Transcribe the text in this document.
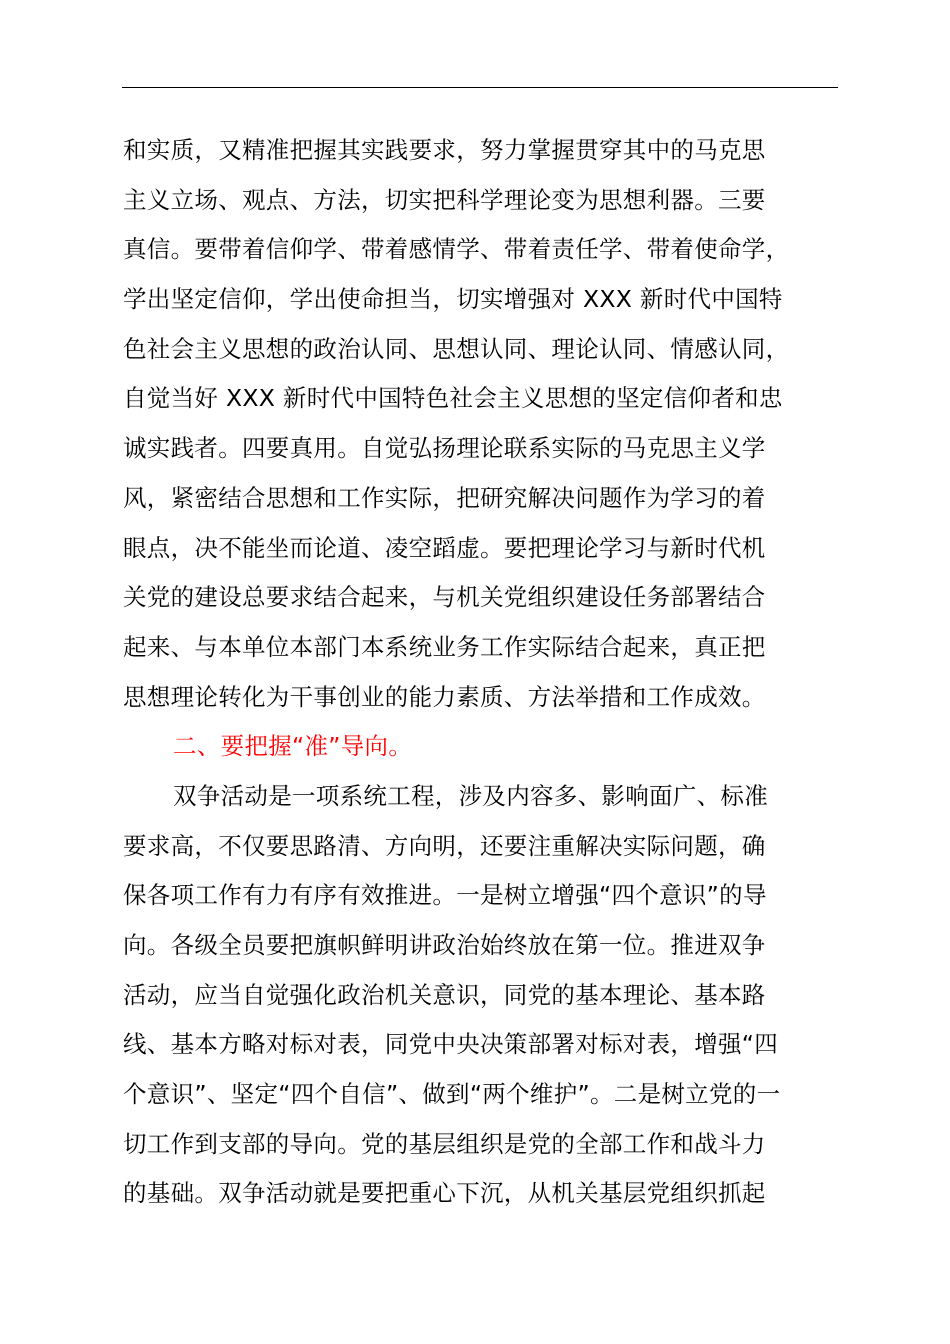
和实质，又精准把握其实践要求，努力掌握贯穿其中的马克思
主义立场、观点、方法，切实把科学理论变为思想利器。三要
真信。要带着信仰学、带着感情学、带着责任学、带着使命学，
学出坚定信仰，学出使命担当，切实增强对 XXX 新时代中国特
色社会主义思想的政治认同、思想认同、理论认同、情感认同，
自觉当好 XXX 新时代中国特色社会主义思想的坚定信仰者和忠
诚实践者。四要真用。自觉弘扬理论联系实际的马克思主义学
风，紧密结合思想和工作实际，把研究解决问题作为学习的着
眼点，决不能坐而论道、凌空蹈虚。要把理论学习与新时代机
关党的建设总要求结合起来，与机关党组织建设任务部署结合
起来、与本单位本部门本系统业务工作实际结合起来，真正把
思想理论转化为干事创业的能力素质、方法举措和工作成效。
二、要把握“准”导向。
双争活动是一项系统工程，涉及内容多、影响面广、标准
要求高，不仅要思路清、方向明，还要注重解决实际问题，确
保各项工作有力有序有效推进。一是树立增强“四个意识”的导
向。各级全员要把旗帜鲜明讲政治始终放在第一位。推进双争
活动，应当自觉强化政治机关意识，同党的基本理论、基本路
线、基本方略对标对表，同党中央决策部署对标对表，增强“四
个意识”、坚定“四个自信”、做到“两个维护”。二是树立党的一
切工作到支部的导向。党的基层组织是党的全部工作和战斗力
的基础。双争活动就是要把重心下沉，从机关基层党组织抓起
